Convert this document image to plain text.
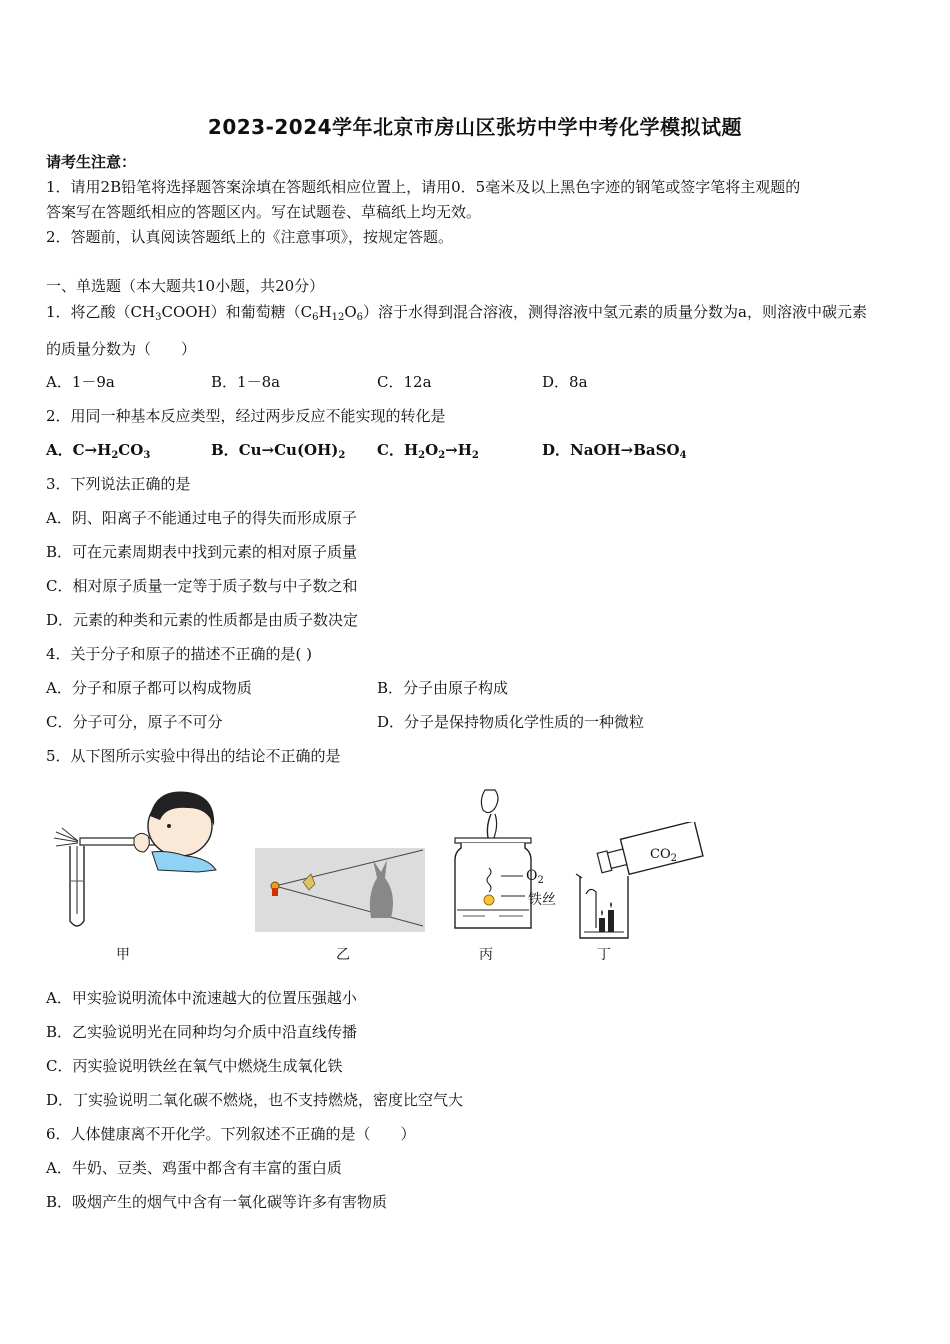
2023-2024学年北京市房山区张坊中学中考化学模拟试题
请考生注意：
1．请用2B铅笔将选择题答案涂填在答题纸相应位置上，请用0．5毫米及以上黑色字迹的钢笔或签字笔将主观题的
答案写在答题纸相应的答题区内。写在试题卷、草稿纸上均无效。
2．答题前，认真阅读答题纸上的《注意事项》，按规定答题。
一、单选题（本大题共10小题，共20分）
1．将乙酸$(CH_3COOH)$和葡萄糖$(C_6H_{12}O_6)$溶于水得到混合溶液，测得溶液中氢元素的质量分数为a，则溶液中碳元素
的质量分数为（　　）
A．1－9a	B．1－8a	C．12a	D．8a
2．用同一种基本反应类型，经过两步反应不能实现的转化是
A．$C\to H_2CO_3$	B．$Cu\to Cu(OH)_2$ C．$H_2O_2\to H_2$	D．NaOH→BaSO$_4$
3．下列说法正确的是
A．阴、阳离子不能通过电子的得失而形成原子
B．可在元素周期表中找到元素的相对原子质量
C．相对原子质量一定等于质子数与中子数之和
D．元素的种类和元素的性质都是由质子数决定
4．关于分子和原子的描述不正确的是( )
A．分子和原子都可以构成物质	B．分子由原子构成
C．分子可分，原子不可分	D．分子是保持物质化学性质的一种微粒
5．从下图所示实验中得出的结论不正确的是
甲	乙
$O_2$
铁丝
丙
$CO_2$
丁
A．甲实验说明流体中流速越大的位置压强越小
B．乙实验说明光在同种均匀介质中沿直线传播
C．丙实验说明铁丝在氧气中燃烧生成氧化铁
D．丁实验说明二氧化碳不燃烧，也不支持燃烧，密度比空气大
6．人体健康离不开化学。下列叙述不正确的是（　　）
A．牛奶、豆类、鸡蛋中都含有丰富的蛋白质
B．吸烟产生的烟气中含有一氧化碳等许多有害物质
